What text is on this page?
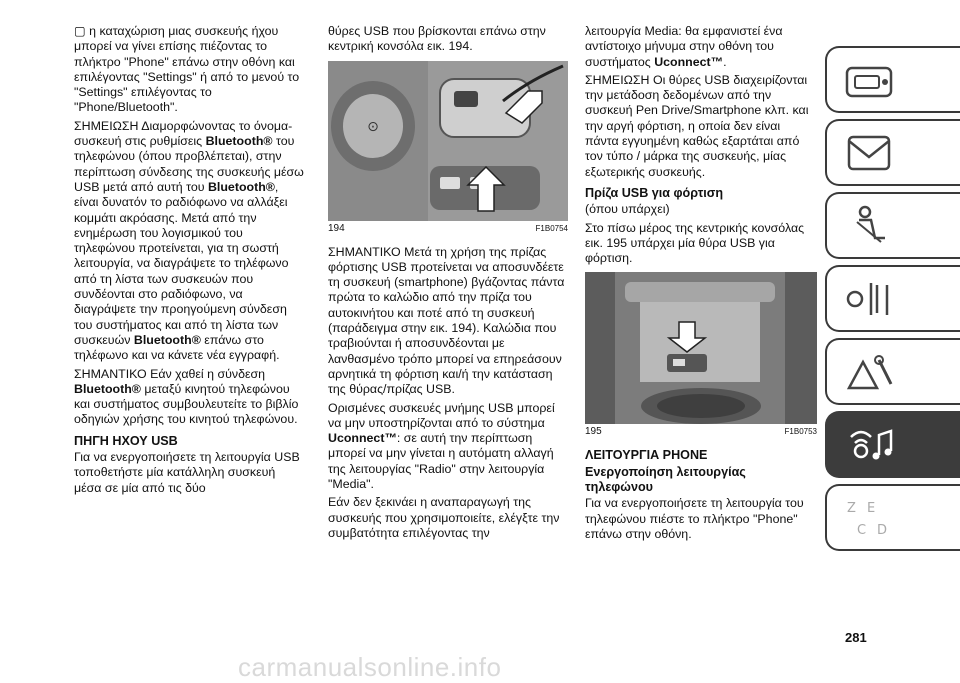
▢ η καταχώριση μιας συσκευής ήχου μπορεί να γίνει επίσης πιέζοντας το πλήκτρο "Phone" επάνω στην οθόνη και επιλέγοντας "Settings" ή από το μενού το "Settings" επιλέγοντας το "Phone/Bluetooth".

ΣΗΜΕΙΩΣΗ Διαμορφώνοντας το όνομα-συσκευή στις ρυθμίσεις Bluetooth® του τηλεφώνου (όπου προβλέπεται), στην περίπτωση σύνδεσης της συσκευής μέσω USB μετά από αυτή του Bluetooth®, είναι δυνατόν το ραδιόφωνο να αλλάξει κομμάτι ακρόασης. Μετά από την ενημέρωση του λογισμικού του τηλεφώνου προτείνεται, για τη σωστή λειτουργία, να διαγράψετε το τηλέφωνο από τη λίστα των συσκευών που συνδέονται στο ραδιόφωνο, να διαγράψετε την προηγούμενη σύνδεση του συστήματος και από τη λίστα των συσκευών Bluetooth® επάνω στο τηλέφωνο και να κάνετε νέα εγγραφή.

ΣΗΜΑΝΤΙΚΟ Εάν χαθεί η σύνδεση Bluetooth® μεταξύ κινητού τηλεφώνου και συστήματος συμβουλευτείτε το βιβλίο οδηγιών χρήσης του κινητού τηλεφώνου.

ΠΗΓΗ ΗΧΟΥ USB

Για να ενεργοποιήσετε τη λειτουργία USB τοποθετήστε μία κατάλληλη συσκευή μέσα σε μία από τις δύο

θύρες USB που βρίσκονται επάνω στην κεντρική κονσόλα εικ. 194.

⊙
194	F1B0754

ΣΗΜΑΝΤΙΚΟ Μετά τη χρήση της πρίζας φόρτισης USB προτείνεται να αποσυνδέετε τη συσκευή (smartphone) βγάζοντας πάντα πρώτα το καλώδιο από την πρίζα του αυτοκινήτου και ποτέ από τη συσκευή (παράδειγμα στην εικ. 194). Καλώδια που τραβιούνται ή αποσυνδέονται με λανθασμένο τρόπο μπορεί να επηρεάσουν αρνητικά τη φόρτιση και/ή την κατάσταση της θύρας/πρίζας USB.

Ορισμένες συσκευές μνήμης USB μπορεί να μην υποστηρίζονται από το σύστημα Uconnect™: σε αυτή την περίπτωση μπορεί να μην γίνεται η αυτόματη αλλαγή της λειτουργίας "Radio" στην λειτουργία "Media".

Εάν δεν ξεκινάει η αναπαραγωγή της συσκευής που χρησιμοποιείτε, ελέγξτε την συμβατότητα επιλέγοντας την

λειτουργία Media: θα εμφανιστεί ένα αντίστοιχο μήνυμα στην οθόνη του συστήματος Uconnect™.

ΣΗΜΕΙΩΣΗ Οι θύρες USB διαχειρίζονται την μετάδοση δεδομένων από την συσκευή Pen Drive/Smartphone κλπ. και την αργή φόρτιση, η οποία δεν είναι πάντα εγγυημένη καθώς εξαρτάται από τον τύπο / μάρκα της συσκευής, μίας εξωτερικής συσκευής.

Πρίζα USB για φόρτιση

(όπου υπάρχει)

Στο πίσω μέρος της κεντρικής κονσόλας εικ. 195 υπάρχει μία θύρα USB για φόρτιση.

195	F1B0753
ΛΕΙΤΟΥΡΓΙΑ PHONE
Ενεργοποίηση λειτουργίας τηλεφώνου

Για να ενεργοποιήσετε τη λειτουργία του τηλεφώνου πιέστε το πλήκτρο "Phone" επάνω στην οθόνη.

Z E
C D
281
carmanualsonline.info
